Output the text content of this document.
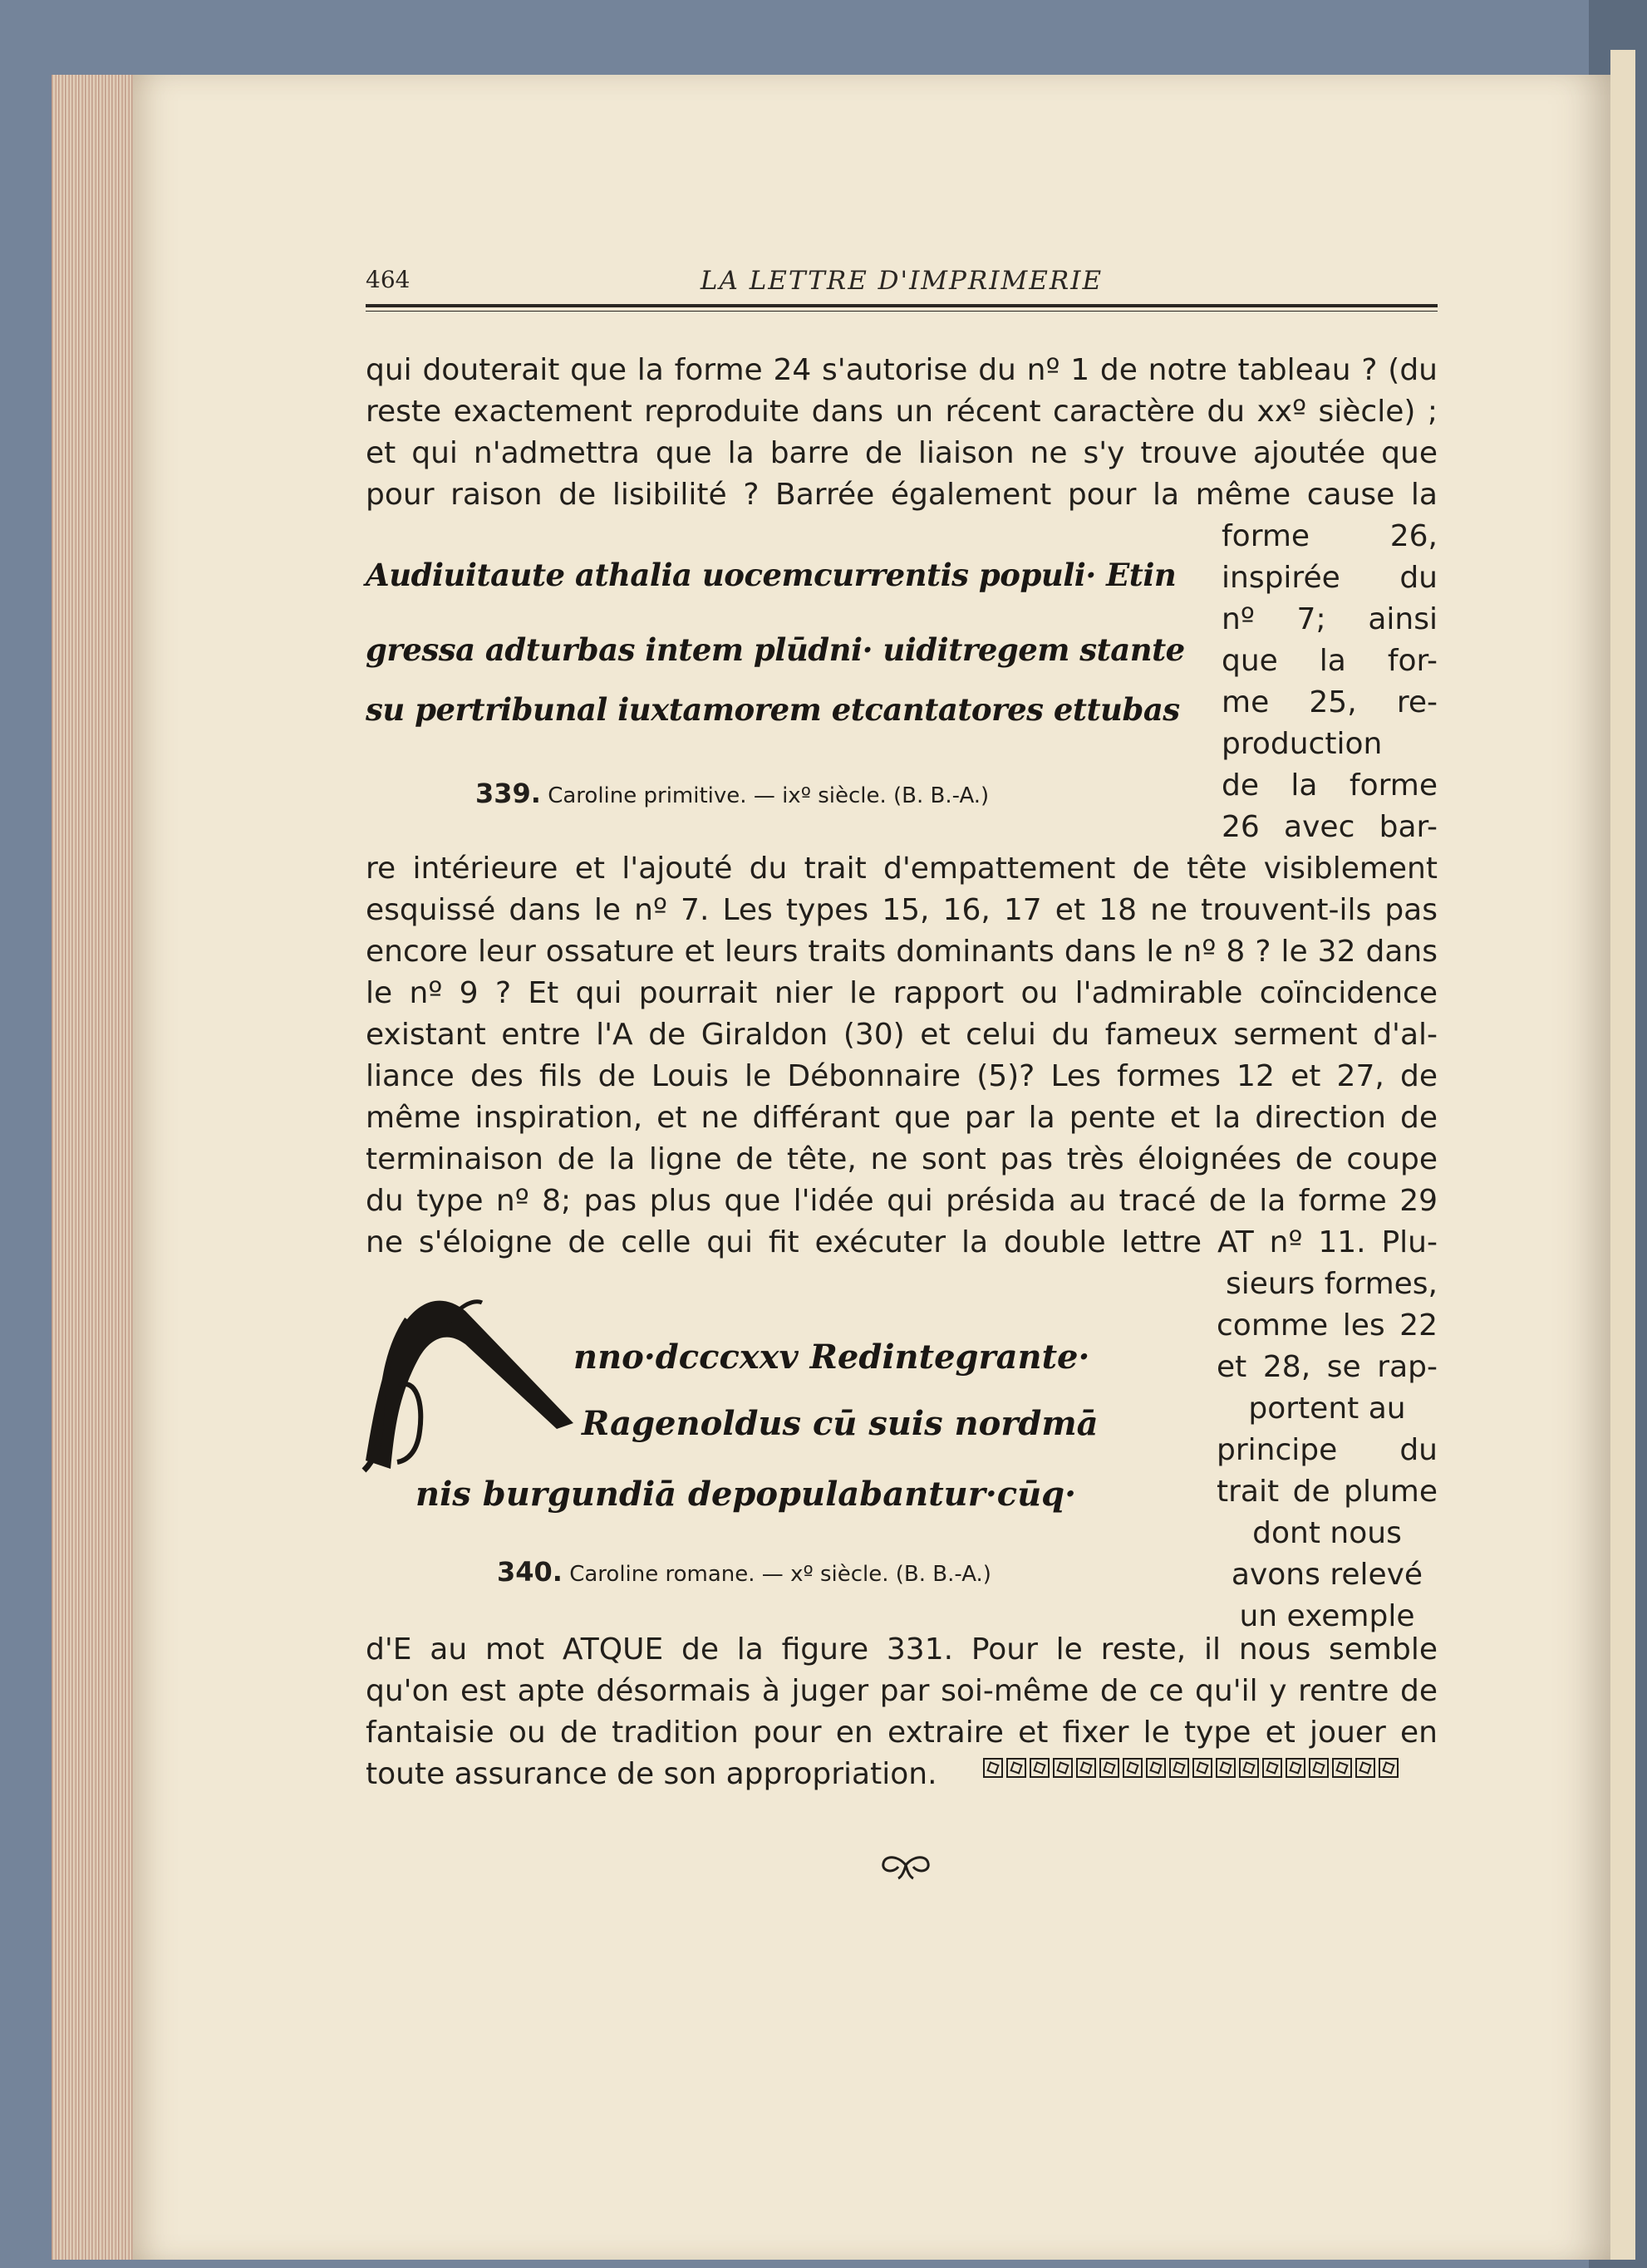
464	LA LETTRE D'IMPRIMERIE
qui douterait que la forme 24 s'autorise du nº 1 de notre tableau ? (du
reste exactement reproduite dans un récent caractère du xxº siècle) ;
et qui n'admettra que la barre de liaison ne s'y trouve ajoutée que
pour raison de lisibilité ? Barrée également pour la même cause la
forme 26,
inspirée du
nº 7; ainsi
que la for-
me 25, re-
production
de la forme
26 avec bar-
Audiuitaute athalia uocemcurrentis populi· Etin
gressa adturbas intem plūdni· uiditregem stante
su pertribunal iuxtamorem etcantatores ettubas
339. Caroline primitive. — ixº siècle. (B. B.-A.)
re intérieure et l'ajouté du trait d'empattement de tête visiblement
esquissé dans le nº 7. Les types 15, 16, 17 et 18 ne trouvent-ils pas
encore leur ossature et leurs traits dominants dans le nº 8 ? le 32 dans
le nº 9 ? Et qui pourrait nier le rapport ou l'admirable coïncidence
existant entre l'A de Giraldon (30) et celui du fameux serment d'al-
liance des fils de Louis le Débonnaire (5)? Les formes 12 et 27, de
même inspiration, et ne différant que par la pente et la direction de
terminaison de la ligne de tête, ne sont pas très éloignées de coupe
du type nº 8; pas plus que l'idée qui présida au tracé de la forme 29
ne s'éloigne de celle qui fit exécuter la double lettre AT nº 11. Plu-
sieurs formes,
comme les 22
et 28, se rap-
portent au
principe du
trait de plume
dont nous
avons relevé
un exemple
nno·dcccxxv Redintegrante·
Ragenoldus cū suis nordmā
nis burgundiā depopulabantur·cūq·
340. Caroline romane. — xº siècle. (B. B.-A.)
d'E au mot ATQUE de la figure 331. Pour le reste, il nous semble
qu'on est apte désormais à juger par soi-même de ce qu'il y rentre de
fantaisie ou de tradition pour en extraire et fixer le type et jouer en
toute assurance de son appropriation.
